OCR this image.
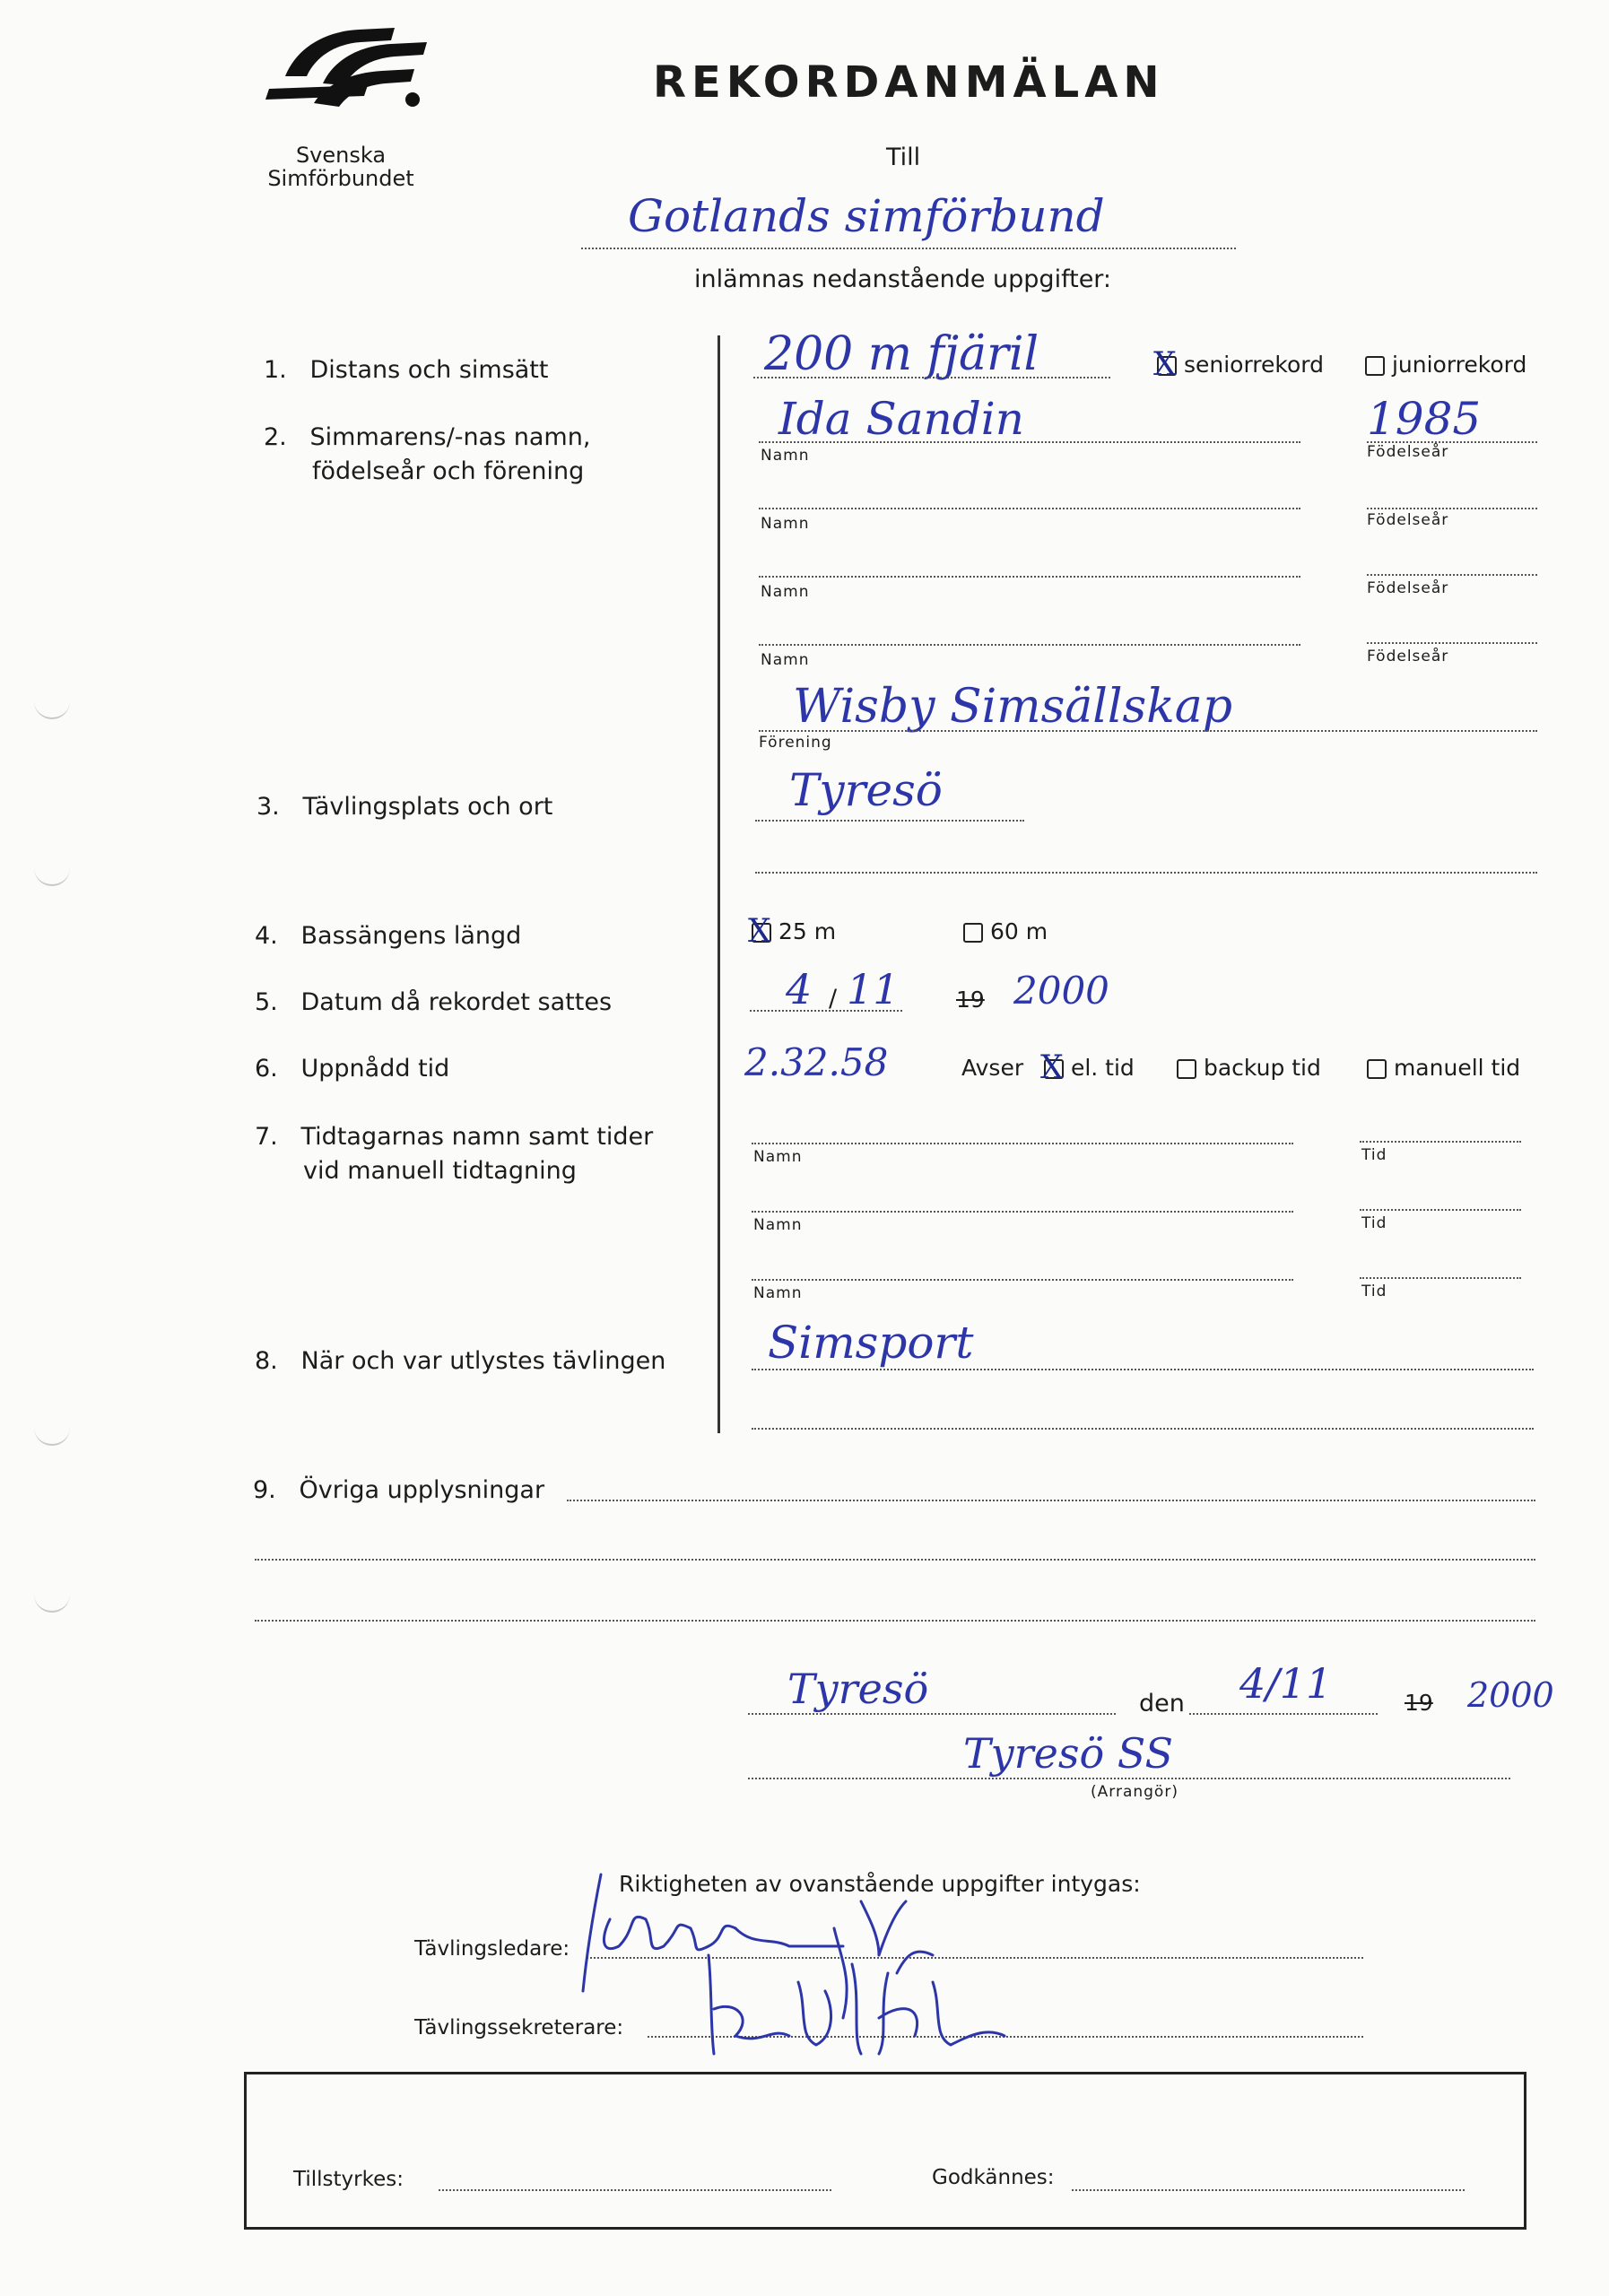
Svenska
Simförbundet
REKORDANMÄLAN
Till
Gotlands simförbund
inlämnas nedanstående uppgifter:
1. Distans och simsätt	200 m fjäril	X seniorrekord	juniorrekord
2. Simmarens/-nas namn,
födelseår och förening
Ida Sandin	1985
Namn	Födelseår
Namn	Födelseår
Namn	Födelseår
Namn	Födelseår
Wisby Simsällskap
Förening
3. Tävlingsplats och ort	Tyresö
4. Bassängens längd	X 25 m	60 m
5. Datum då rekordet sattes	4 / 11	19 2000
6. Uppnådd tid	2.32.58	Avser X el. tid	backup tid	manuell tid
7. Tidtagarnas namn samt tider
vid manuell tidtagning	Namn	Tid
Namn	Tid
Namn	Tid
8. När och var utlystes tävlingen Simsport
9. Övriga upplysningar
Tyresö	den 4/11	19 2000
Tyresö SS
(Arrangör)
Riktigheten av ovanstående uppgifter intygas:
Tävlingsledare:
Tävlingssekreterare:
Tillstyrkes:	Godkännes:
